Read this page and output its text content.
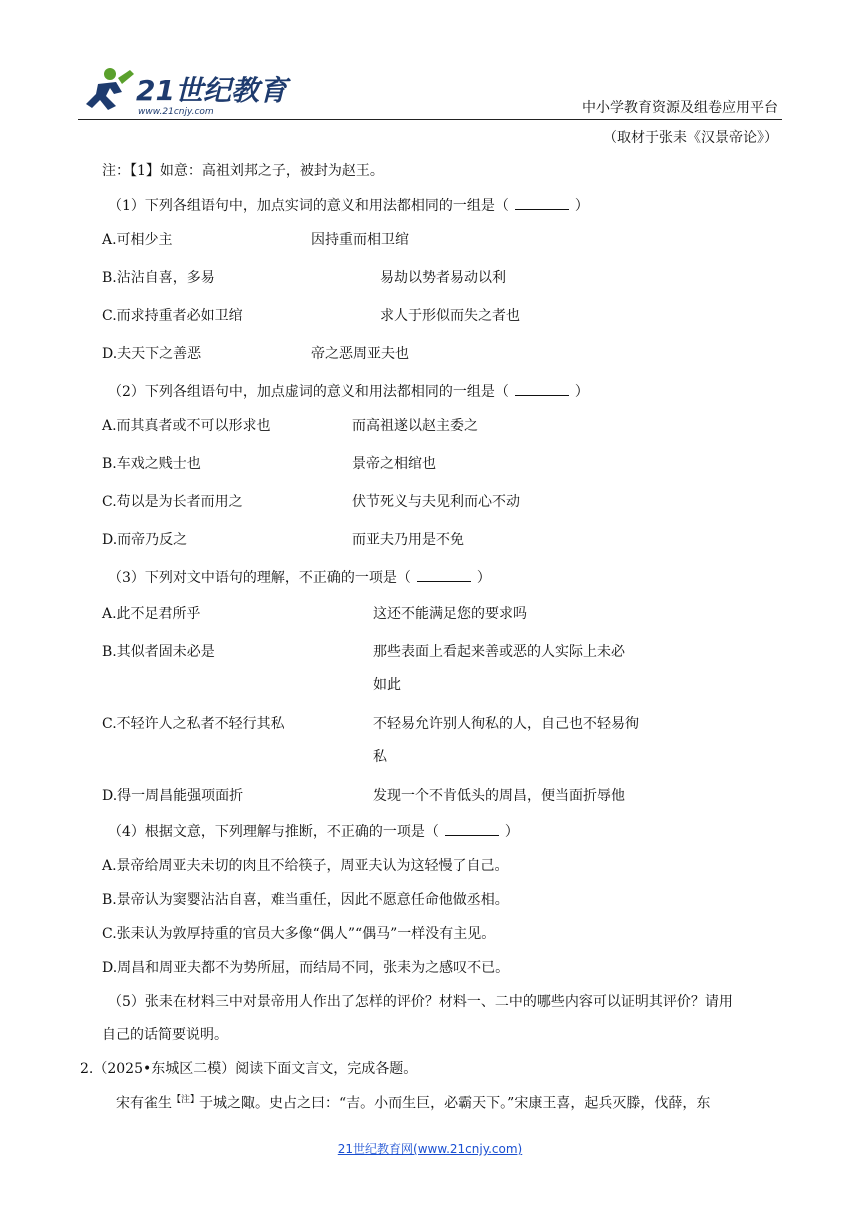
21世纪教育
www.21cnjy.com	中小学教育资源及组卷应用平台
（取材于张耒《汉景帝论》）
注：【1】如意：高祖刘邦之子，被封为赵王。
（1）下列各组语句中，加点实词的意义和用法都相同的一组是（	）
A.可相少主	因持重而相卫绾
B.沾沾自喜，多易	易劫以势者易动以利
C.而求持重者必如卫绾	求人于形似而失之者也
D.夫天下之善恶	帝之恶周亚夫也
（2）下列各组语句中，加点虚词的意义和用法都相同的一组是（	）
A.而其真者或不可以形求也	而高祖遂以赵主委之
B.车戏之贱士也	景帝之相绾也
C.苟以是为长者而用之	伏节死义与夫见利而心不动
D.而帝乃反之	而亚夫乃用是不免
（3）下列对文中语句的理解，不正确的一项是（	）
A.此不足君所乎	这还不能满足您的要求吗
B.其似者固未必是	那些表面上看起来善或恶的人实际上未必
如此
C.不轻许人之私者不轻行其私	不轻易允许别人徇私的人，自己也不轻易徇
私
D.得一周昌能强项面折	发现一个不肯低头的周昌，便当面折辱他
（4）根据文意，下列理解与推断，不正确的一项是（	）
A.景帝给周亚夫未切的肉且不给筷子，周亚夫认为这轻慢了自己。
B.景帝认为窦婴沾沾自喜，难当重任，因此不愿意任命他做丞相。
C.张耒认为敦厚持重的官员大多像“偶人”“偶马”一样没有主见。
D.周昌和周亚夫都不为势所屈，而结局不同，张耒为之感叹不已。
（5）张耒在材料三中对景帝用人作出了怎样的评价？材料一、二中的哪些内容可以证明其评价？请用
自己的话简要说明。
2.（2025•东城区二模）阅读下面文言文，完成各题。
宋有雀生$^{【注】}$于城之陬。史占之曰：“吉。小而生巨，必霸天下。”宋康王喜，起兵灭滕，伐薛，东
21世纪教育网(www.21cnjy.com)
